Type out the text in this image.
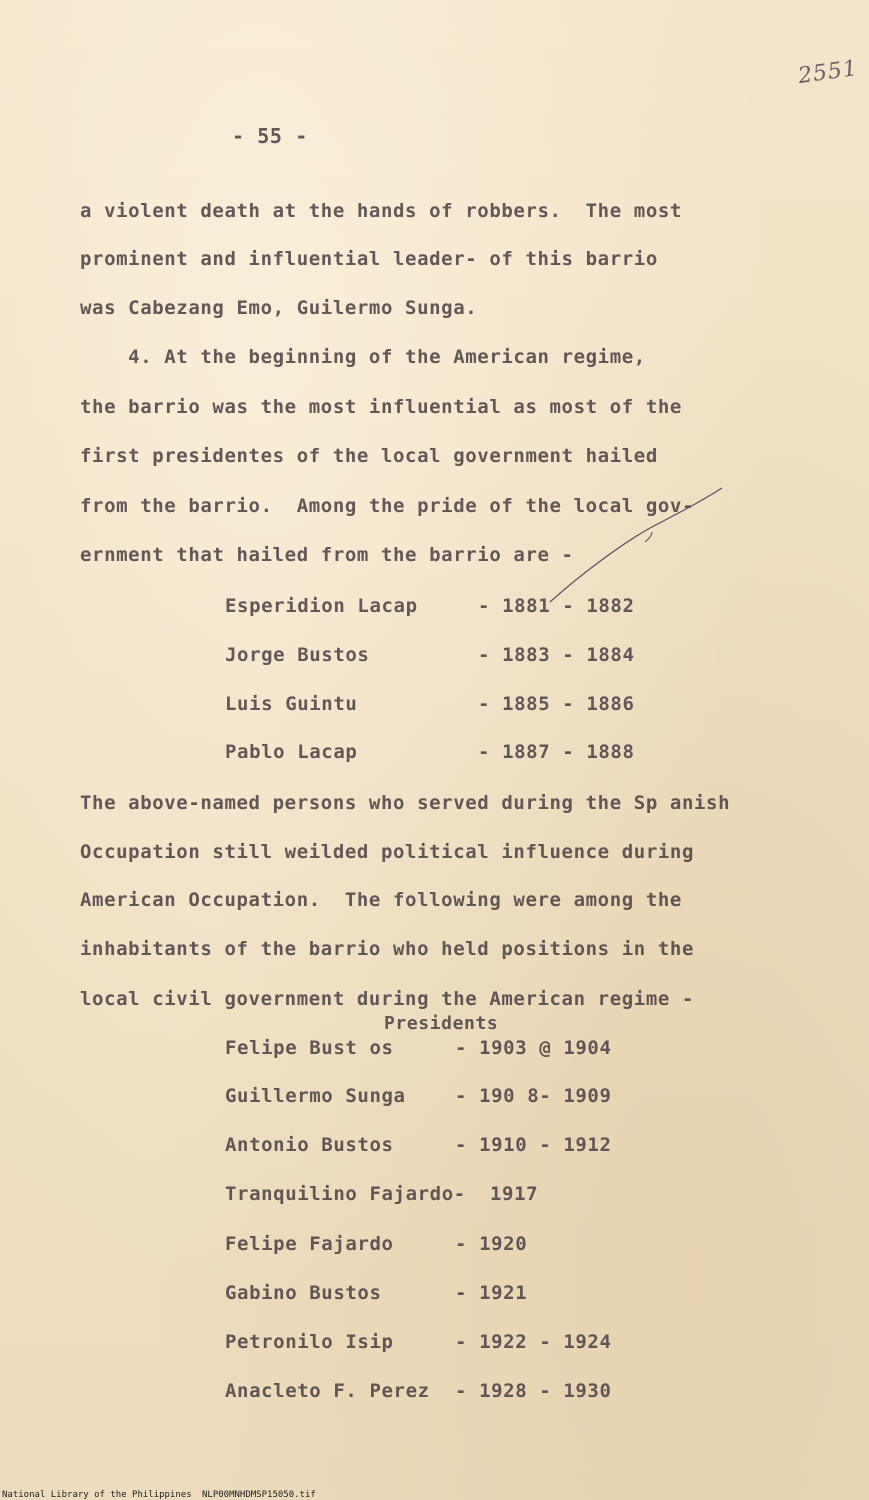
2551
- 55 -
a violent death at the hands of robbers.  The most
prominent and influential leader- of this barrio
was Cabezang Emo, Guilermo Sunga.
4. At the beginning of the American regime,
the barrio was the most influential as most of the
first presidentes of the local government hailed
from the barrio.  Among the pride of the local gov-
ernment that hailed from the barrio are -
Esperidion Lacap	- 1881 - 1882
Jorge Bustos	- 1883 - 1884
Luis Guintu	- 1885 - 1886
Pablo Lacap	- 1887 - 1888
The above-named persons who served during the Sp anish
Occupation still weilded political influence during
American Occupation.  The following were among the
inhabitants of the barrio who held positions in the
local civil government during the American regime -
Presidents
Felipe Bust os	- 1903 @ 1904
Guillermo Sunga	- 190 8- 1909
Antonio Bustos	- 1910 - 1912
Tranquilino Fajardo- 1917
Felipe Fajardo	- 1920
Gabino Bustos	- 1921
Petronilo Isip	- 1922 - 1924
Anacleto F. Perez - 1928 - 1930
National Library of the Philippines NLP00MNHDMSP15050.tif
